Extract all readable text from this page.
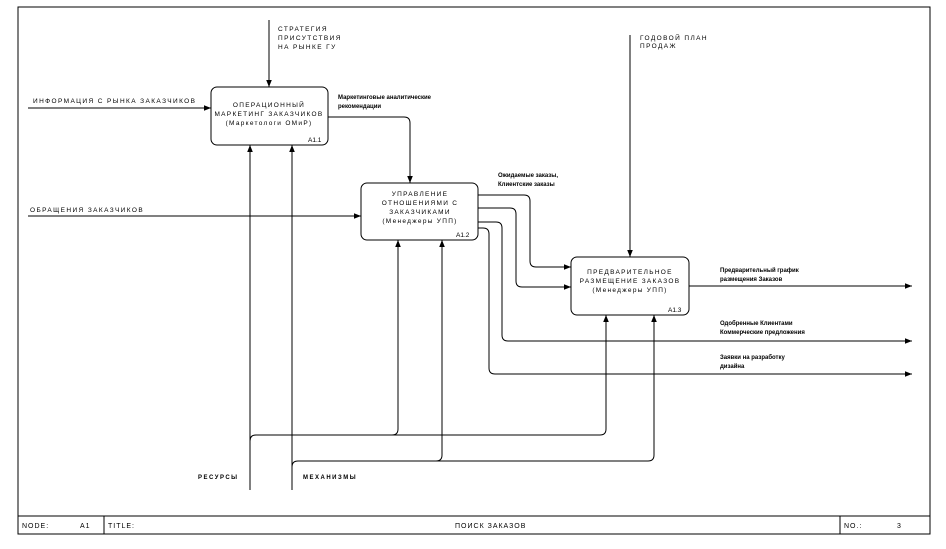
NODE:	A1 TITLE:	ПОИСК ЗАКАЗОВ	NO.:	3
ОПЕРАЦИОННЫЙ
МАРКЕТИНГ ЗАКАЗЧИКОВ
(Маркетологи ОМиР)
А1.1
УПРАВЛЕНИЕ
ОТНОШЕНИЯМИ С
ЗАКАЗЧИКАМИ
(Менеджеры УПП)
А1.2
ПРЕДВАРИТЕЛЬНОЕ
РАЗМЕЩЕНИЕ ЗАКАЗОВ
(Менеджеры УПП)
А1.3
СТРАТЕГИЯ
ПРИСУТСТВИЯ
НА РЫНКЕ ГУ
ГОДОВОЙ ПЛАН
ПРОДАЖ
ИНФОРМАЦИЯ С РЫНКА ЗАКАЗЧИКОВ
ОБРАЩЕНИЯ ЗАКАЗЧИКОВ
Маркетинговые аналитические
рекомендации
Ожидаемые заказы,
Клиентские заказы
Предварительный график
размещения Заказов
Одобренные Клиентами
Коммерческие предложения
Заявки на разработку
дизайна
РЕСУРСЫ	МЕХАНИЗМЫ
